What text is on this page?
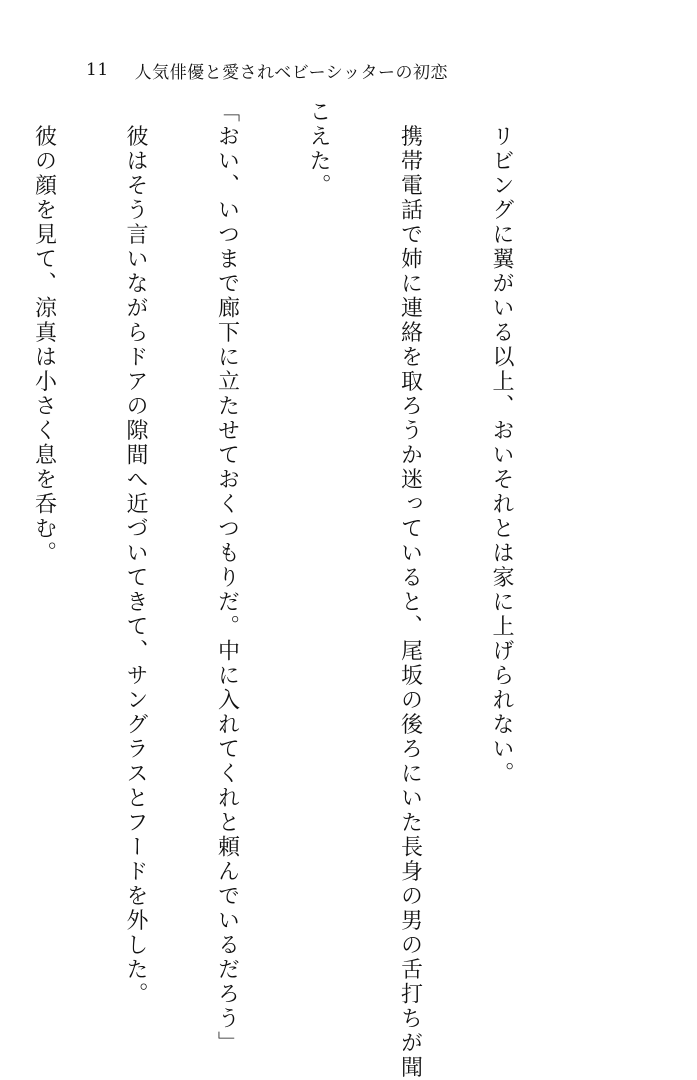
11 人気俳優と愛されベビーシッターの初恋

　リビングに翼がいる以上、おいそれとは家に上げられない。

　携帯電話で姉に連絡を取ろうか迷っていると、尾坂の後ろにいた長身の男の舌打ちが聞

こえた。

「おい、いつまで廊下に立たせておくつもりだ。中に入れてくれと頼んでいるだろう」

　彼はそう言いながらドアの隙間へ近づいてきて、サングラスとフードを外した。

　彼の顔を見て、涼真は小さく息を呑む。
